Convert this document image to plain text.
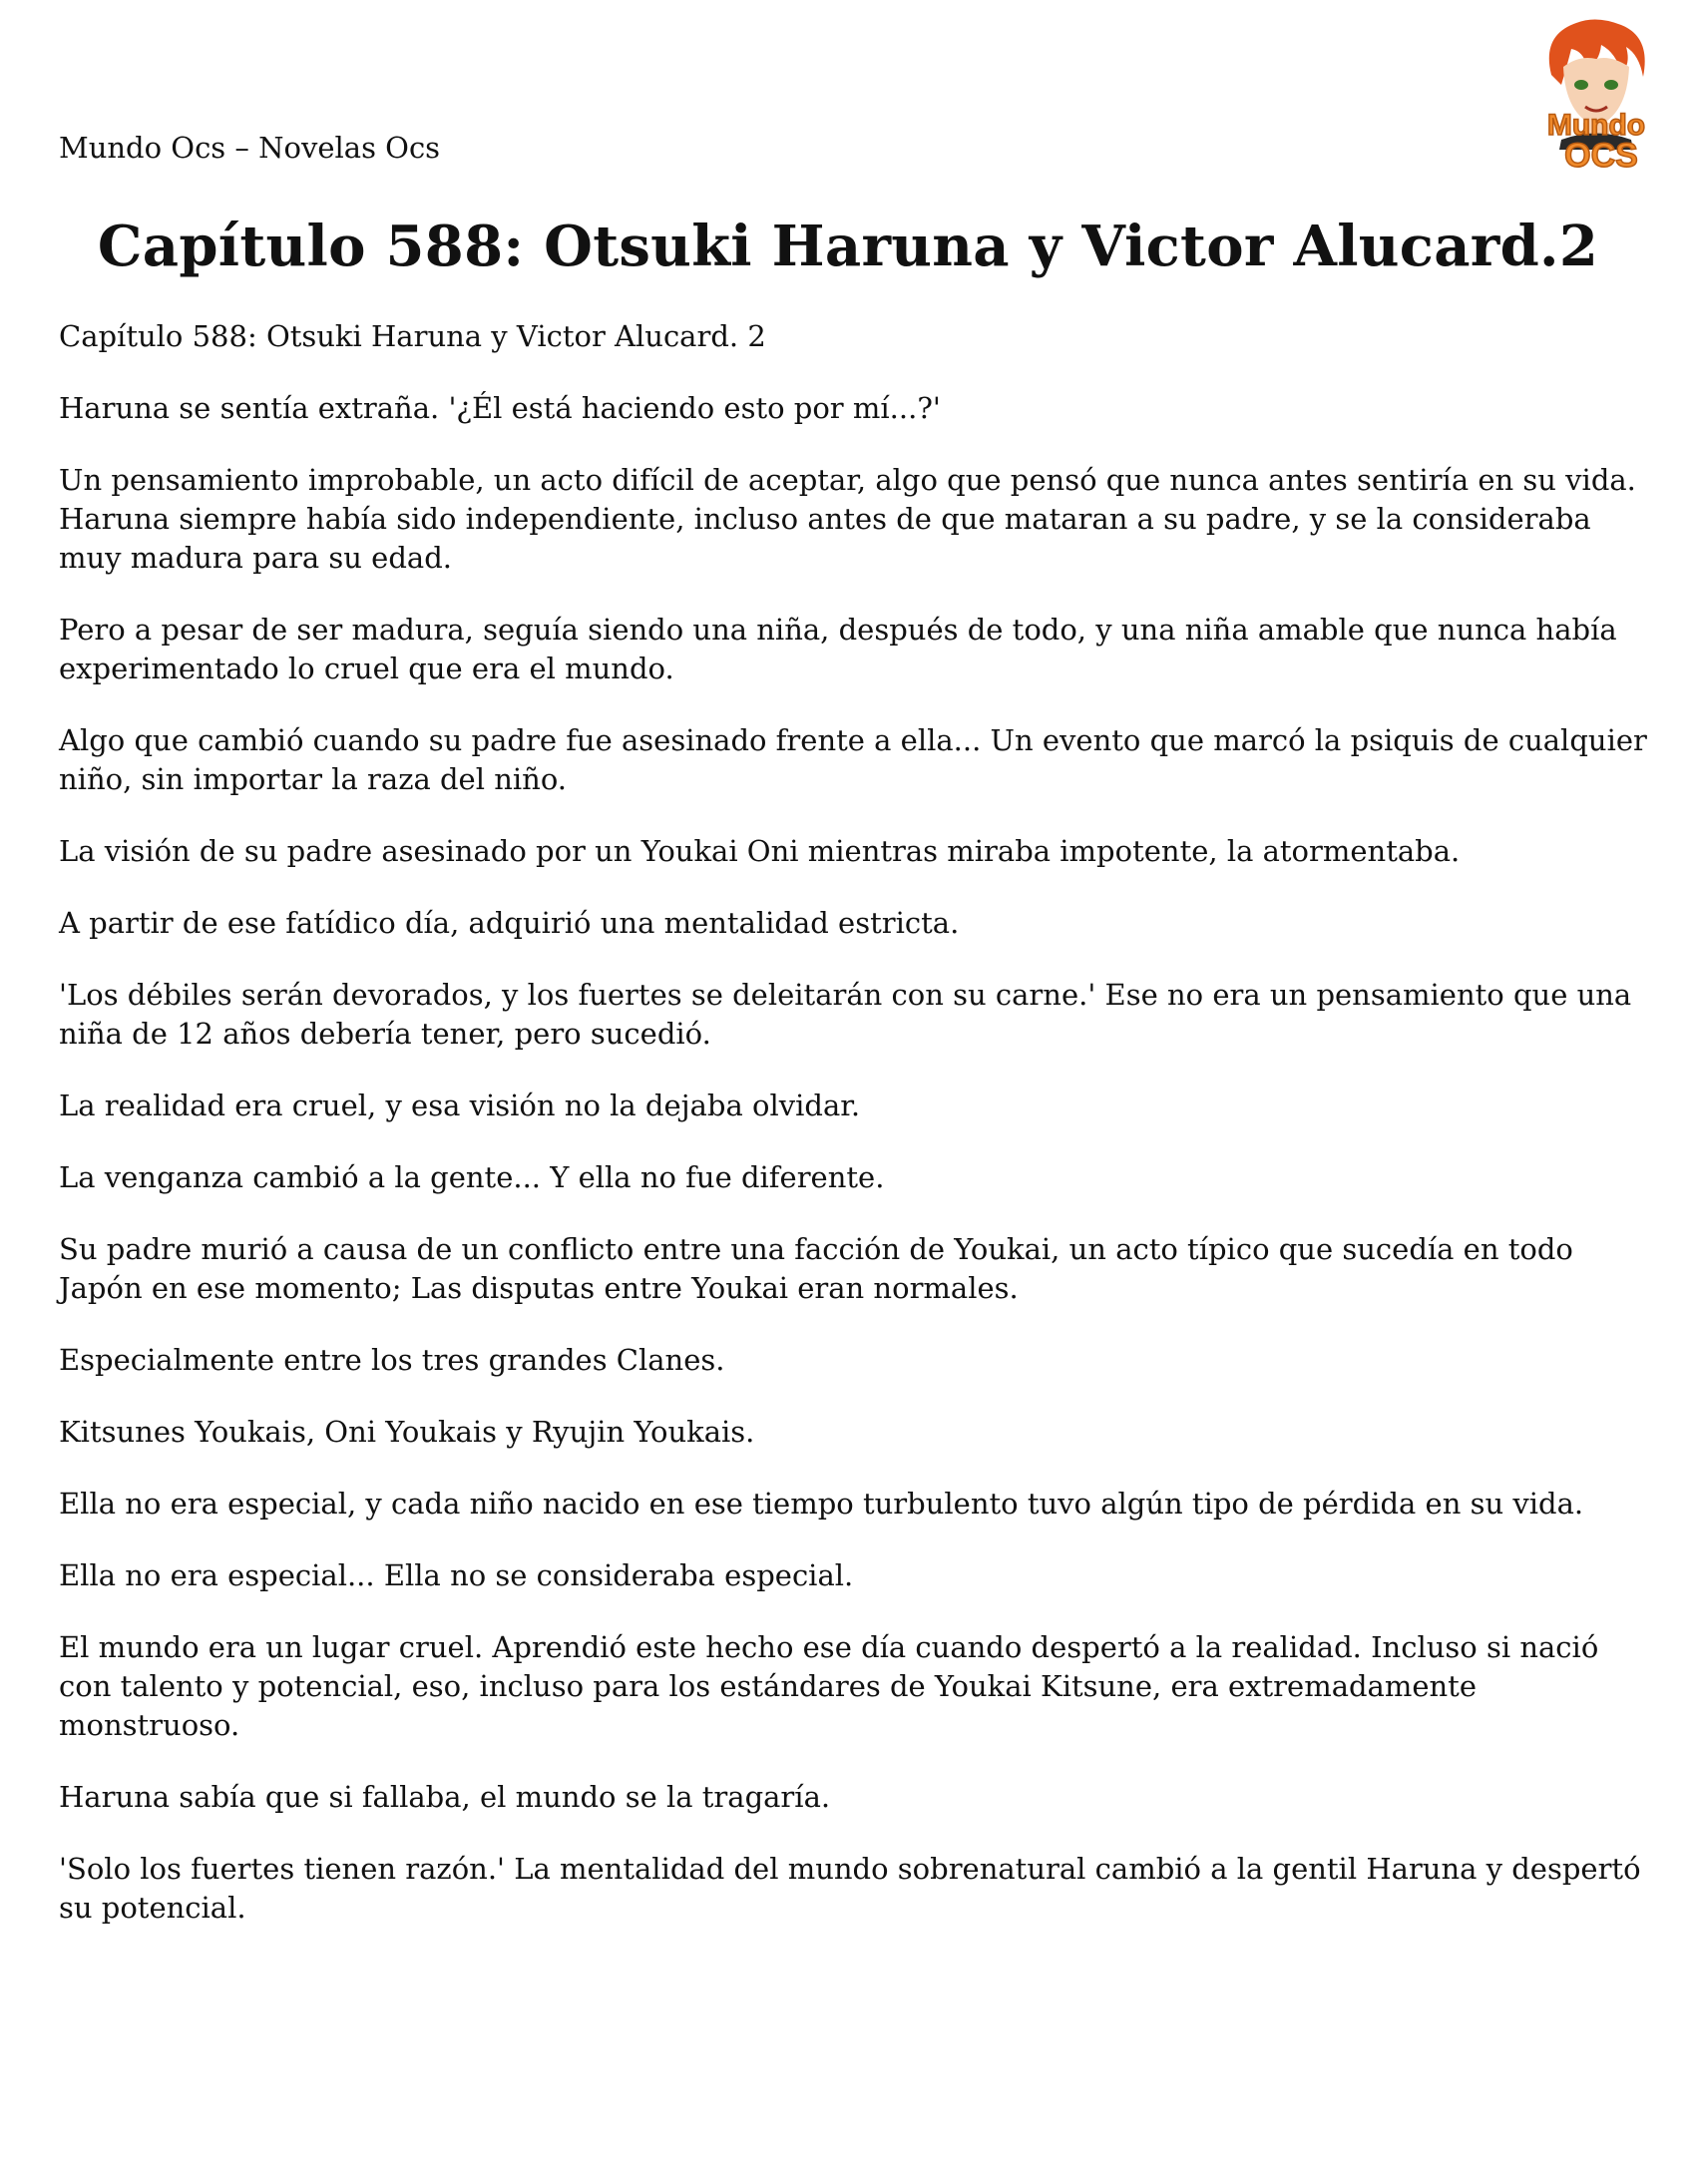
Mundo Ocs – Novelas Ocs

Mundo
OCS
Capítulo 588: Otsuki Haruna y Victor Alucard.2

Capítulo 588: Otsuki Haruna y Victor Alucard. 2

Haruna se sentía extraña. '¿Él está haciendo esto por mí...?'

Un pensamiento improbable, un acto difícil de aceptar, algo que pensó que nunca antes sentiría en su vida. Haruna siempre había sido independiente, incluso antes de que mataran a su padre, y se la consideraba muy madura para su edad.

Pero a pesar de ser madura, seguía siendo una niña, después de todo, y una niña amable que nunca había experimentado lo cruel que era el mundo.

Algo que cambió cuando su padre fue asesinado frente a ella... Un evento que marcó la psiquis de cualquier niño, sin importar la raza del niño.

La visión de su padre asesinado por un Youkai Oni mientras miraba impotente, la atormentaba.

A partir de ese fatídico día, adquirió una mentalidad estricta.

'Los débiles serán devorados, y los fuertes se deleitarán con su carne.' Ese no era un pensamiento que una niña de 12 años debería tener, pero sucedió.

La realidad era cruel, y esa visión no la dejaba olvidar.

La venganza cambió a la gente... Y ella no fue diferente.

Su padre murió a causa de un conflicto entre una facción de Youkai, un acto típico que sucedía en todo Japón en ese momento; Las disputas entre Youkai eran normales.

Especialmente entre los tres grandes Clanes.

Kitsunes Youkais, Oni Youkais y Ryujin Youkais.

Ella no era especial, y cada niño nacido en ese tiempo turbulento tuvo algún tipo de pérdida en su vida.

Ella no era especial... Ella no se consideraba especial.

El mundo era un lugar cruel. Aprendió este hecho ese día cuando despertó a la realidad. Incluso si nació con talento y potencial, eso, incluso para los estándares de Youkai Kitsune, era extremadamente monstruoso.

Haruna sabía que si fallaba, el mundo se la tragaría.

'Solo los fuertes tienen razón.' La mentalidad del mundo sobrenatural cambió a la gentil Haruna y despertó su potencial.
